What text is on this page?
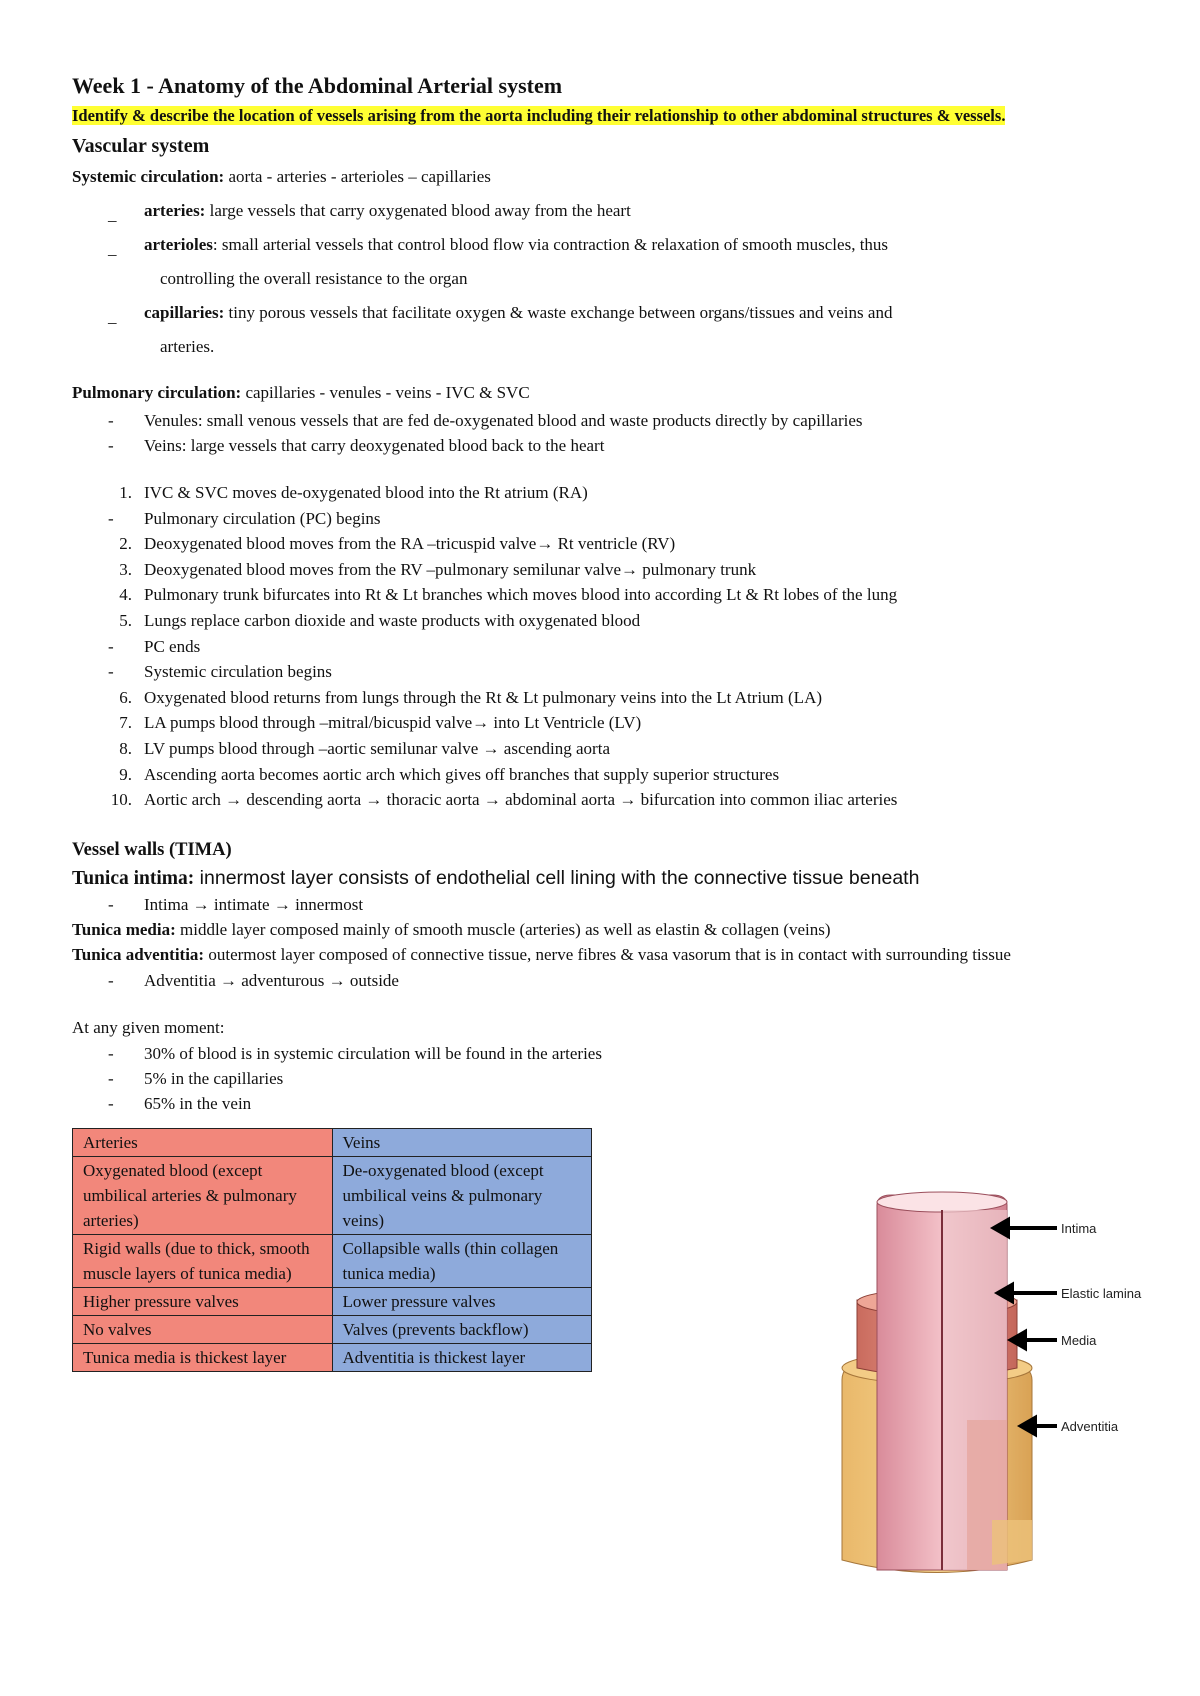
Week 1 - Anatomy of the Abdominal Arterial system

Identify & describe the location of vessels arising from the aorta including their relationship to other abdominal structures & vessels.

Vascular system

Systemic circulation: aorta - arteries - arterioles – capillaries

_ arteries: large vessels that carry oxygenated blood away from the heart
_ arterioles: small arterial vessels that control blood flow via contraction & relaxation of smooth muscles, thus
controlling the overall resistance to the organ
_ capillaries: tiny porous vessels that facilitate oxygen & waste exchange between organs/tissues and veins and
arteries.

Pulmonary circulation: capillaries - venules - veins - IVC & SVC

- Venules: small venous vessels that are fed de-oxygenated blood and waste products directly by capillaries
- Veins: large vessels that carry deoxygenated blood back to the heart
1. IVC & SVC moves de-oxygenated blood into the Rt atrium (RA)
-	Pulmonary circulation (PC) begins
2. Deoxygenated blood moves from the RA –tricuspid valve→ Rt ventricle (RV)
3. Deoxygenated blood moves from the RV –pulmonary semilunar valve→ pulmonary trunk
4. Pulmonary trunk bifurcates into Rt & Lt branches which moves blood into according Lt & Rt lobes of the lung
5. Lungs replace carbon dioxide and waste products with oxygenated blood
-	PC ends
-	Systemic circulation begins
6. Oxygenated blood returns from lungs through the Rt & Lt pulmonary veins into the Lt Atrium (LA)
7. LA pumps blood through –mitral/bicuspid valve→ into Lt Ventricle (LV)
8. LV pumps blood through –aortic semilunar valve → ascending aorta
9. Ascending aorta becomes aortic arch which gives off branches that supply superior structures
10. Aortic arch → descending aorta → thoracic aorta → abdominal aorta → bifurcation into common iliac arteries
Vessel walls (TIMA)

Tunica intima: innermost layer consists of endothelial cell lining with the connective tissue beneath

- Intima → intimate → innermost

Tunica media: middle layer composed mainly of smooth muscle (arteries) as well as elastin & collagen (veins)

Tunica adventitia: outermost layer composed of connective tissue, nerve fibres & vasa vasorum that is in contact with surrounding tissue

- Adventitia → adventurous → outside

At any given moment:

- 30% of blood is in systemic circulation will be found in the arteries
- 5% in the capillaries
- 65% in the vein
Arteries	Veins
Oxygenated blood (except umbilical arteries & pulmonary arteries)	De-oxygenated blood (except umbilical veins & pulmonary veins)
Rigid walls (due to thick, smooth muscle layers of tunica media)	Collapsible walls (thin collagen tunica media)
Higher pressure valves	Lower pressure valves
No valves	Valves (prevents backflow)
Tunica media is thickest layer	Adventitia is thickest layer
Intima
Elastic lamina
Media
Adventitia
